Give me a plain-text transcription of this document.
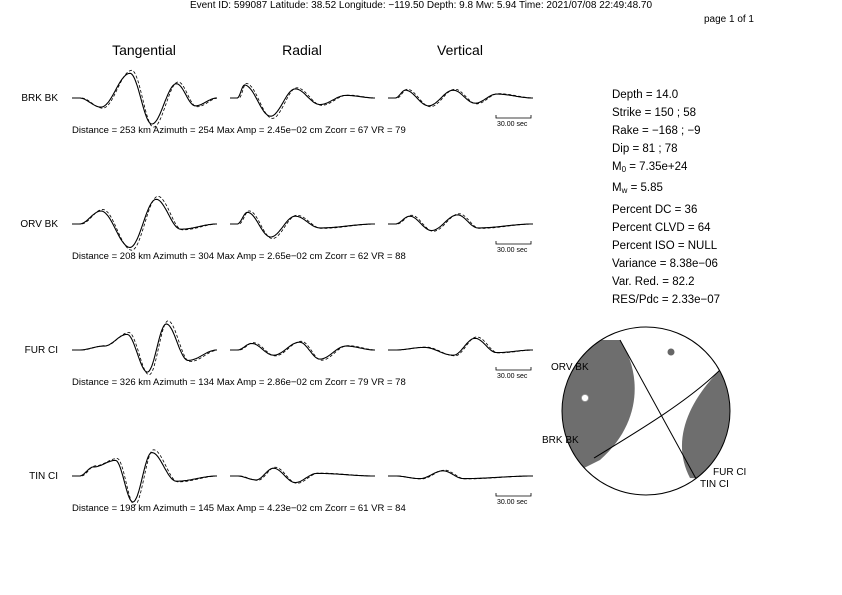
Event ID: 599087 Latitude: 38.52 Longitude: −119.50 Depth: 9.8 Mw: 5.94 Time: 2021/07/08 22:49:48.70
page 1 of 1
Tangential	Radial	Vertical
BRK BK
ORV BK
FUR CI
TIN CI
Distance = 253 km Azimuth = 254 Max Amp = 2.45e−02 cm Zcorr = 67 VR = 79
Distance = 208 km Azimuth = 304 Max Amp = 2.65e−02 cm Zcorr = 62 VR = 88
Distance = 326 km Azimuth = 134 Max Amp = 2.86e−02 cm Zcorr = 79 VR = 78
Distance = 198 km Azimuth = 145 Max Amp = 4.23e−02 cm Zcorr = 61 VR = 84
30.00 sec
30.00 sec
30.00 sec
30.00 sec
Depth = 14.0
Strike = 150 ; 58
Rake = −168 ; −9
Dip = 81 ; 78
$M_0 = 7.35e+24$
$M_w = 5.85$
Percent DC = 36
Percent CLVD = 64
Percent ISO = NULL
Variance = 8.38e−06
Var. Red. = 82.2
RES/Pdc = 2.33e−07
ORV BK
BRK BK
FUR CI
TIN CI
